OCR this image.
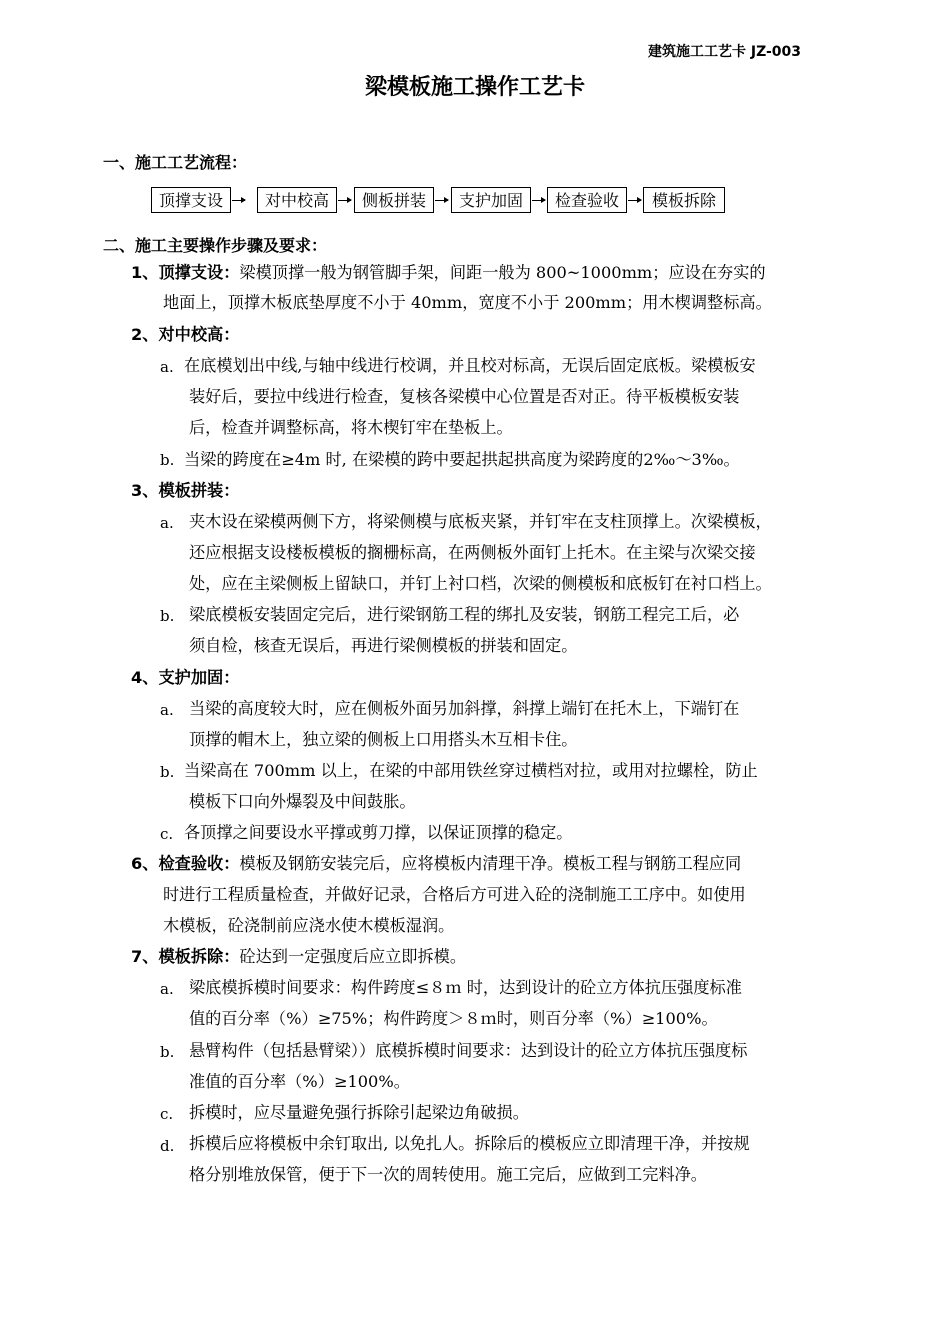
建筑施工工艺卡 JZ-003
梁模板施工操作工艺卡
一、施工工艺流程：
顶撑支设	对中校高	侧板拼装	支护加固	检查验收	模板拆除
二、施工主要操作步骤及要求：
1、顶撑支设：梁模顶撑一般为钢管脚手架，间距一般为 800~1000mm；应设在夯实的
地面上，顶撑木板底垫厚度不小于 40mm，宽度不小于 200mm；用木楔调整标高。
2、对中校高：
a. 在底模划出中线,与轴中线进行校调，并且校对标高，无误后固定底板。梁模板安
装好后，要拉中线进行检查，复核各梁模中心位置是否对正。待平板模板安装
后，检查并调整标高，将木楔钉牢在垫板上。
b. 当梁的跨度在≥4m 时, 在梁模的跨中要起拱起拱高度为梁跨度的2‰～3‰。
3、模板拼装：
a. 夹木设在梁模两侧下方，将梁侧模与底板夹紧，并钉牢在支柱顶撑上。次梁模板，
还应根据支设楼板模板的搁栅标高，在两侧板外面钉上托木。在主梁与次梁交接
处，应在主梁侧板上留缺口，并钉上衬口档，次梁的侧模板和底板钉在衬口档上。
b. 梁底模板安装固定完后，进行梁钢筋工程的绑扎及安装，钢筋工程完工后，必
须自检，核查无误后，再进行梁侧模板的拼装和固定。
4、支护加固：
a. 当梁的高度较大时，应在侧板外面另加斜撑，斜撑上端钉在托木上，下端钉在
顶撑的帽木上，独立梁的侧板上口用搭头木互相卡住。
b. 当梁高在 700mm 以上，在梁的中部用铁丝穿过横档对拉，或用对拉螺栓，防止
模板下口向外爆裂及中间鼓胀。
c. 各顶撑之间要设水平撑或剪刀撑，以保证顶撑的稳定。
6、检查验收：模板及钢筋安装完后，应将模板内清理干净。模板工程与钢筋工程应同
时进行工程质量检查，并做好记录，合格后方可进入砼的浇制施工工序中。如使用
木模板，砼浇制前应浇水使木模板湿润。
7、模板拆除：砼达到一定强度后应立即拆模。
a. 梁底模拆模时间要求：构件跨度≤８ｍ 时，达到设计的砼立方体抗压强度标准
值的百分率（%）≥75%；构件跨度＞８ｍ时，则百分率（%）≥100%。
b. 悬臂构件（包括悬臂梁））底模拆模时间要求：达到设计的砼立方体抗压强度标
准值的百分率（%）≥100%。
c. 拆模时，应尽量避免强行拆除引起梁边角破损。
d. 拆模后应将模板中余钉取出, 以免扎人。拆除后的模板应立即清理干净，并按规
格分别堆放保管，便于下一次的周转使用。施工完后，应做到工完料净。
